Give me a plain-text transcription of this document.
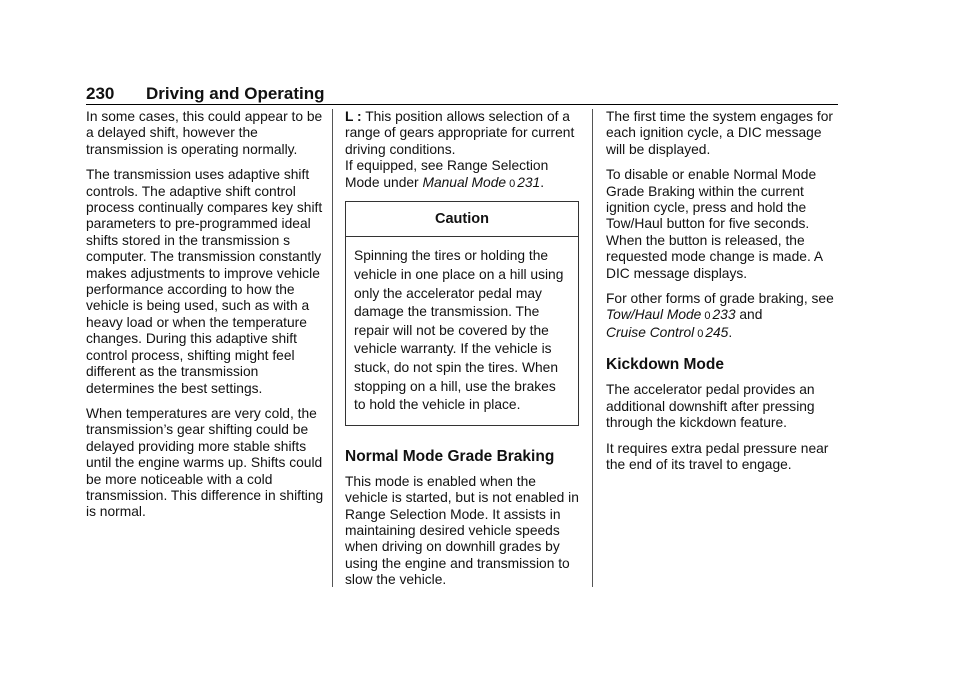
230 Driving and Operating

In some cases, this could appear to be a delayed shift, however the transmission is operating normally.

The transmission uses adaptive shift controls. The adaptive shift control process continually compares key shift parameters to pre-programmed ideal shifts stored in the transmission s computer. The transmission constantly makes adjustments to improve vehicle performance according to how the vehicle is being used, such as with a heavy load or when the temperature changes. During this adaptive shift control process, shifting might feel different as the transmission determines the best settings.

When temperatures are very cold, the transmission’s gear shifting could be delayed providing more stable shifts until the engine warms up. Shifts could be more noticeable with a cold transmission. This difference in shifting is normal.

L : This position allows selection of a range of gears appropriate for current driving conditions.

If equipped, see Range Selection Mode under Manual Mode 0 231.

Caution
Spinning the tires or holding the vehicle in one place on a hill using only the accelerator pedal may damage the transmission. The repair will not be covered by the vehicle warranty. If the vehicle is stuck, do not spin the tires. When stopping on a hill, use the brakes to hold the vehicle in place.
Normal Mode Grade Braking

This mode is enabled when the vehicle is started, but is not enabled in Range Selection Mode. It assists in maintaining desired vehicle speeds when driving on downhill grades by using the engine and transmission to slow the vehicle.

The first time the system engages for each ignition cycle, a DIC message will be displayed.

To disable or enable Normal Mode Grade Braking within the current ignition cycle, press and hold the Tow/Haul button for five seconds. When the button is released, the requested mode change is made. A DIC message displays.

For other forms of grade braking, see Tow/Haul Mode 0 233 and
Cruise Control 0 245.

Kickdown Mode

The accelerator pedal provides an additional downshift after pressing through the kickdown feature.

It requires extra pedal pressure near the end of its travel to engage.
